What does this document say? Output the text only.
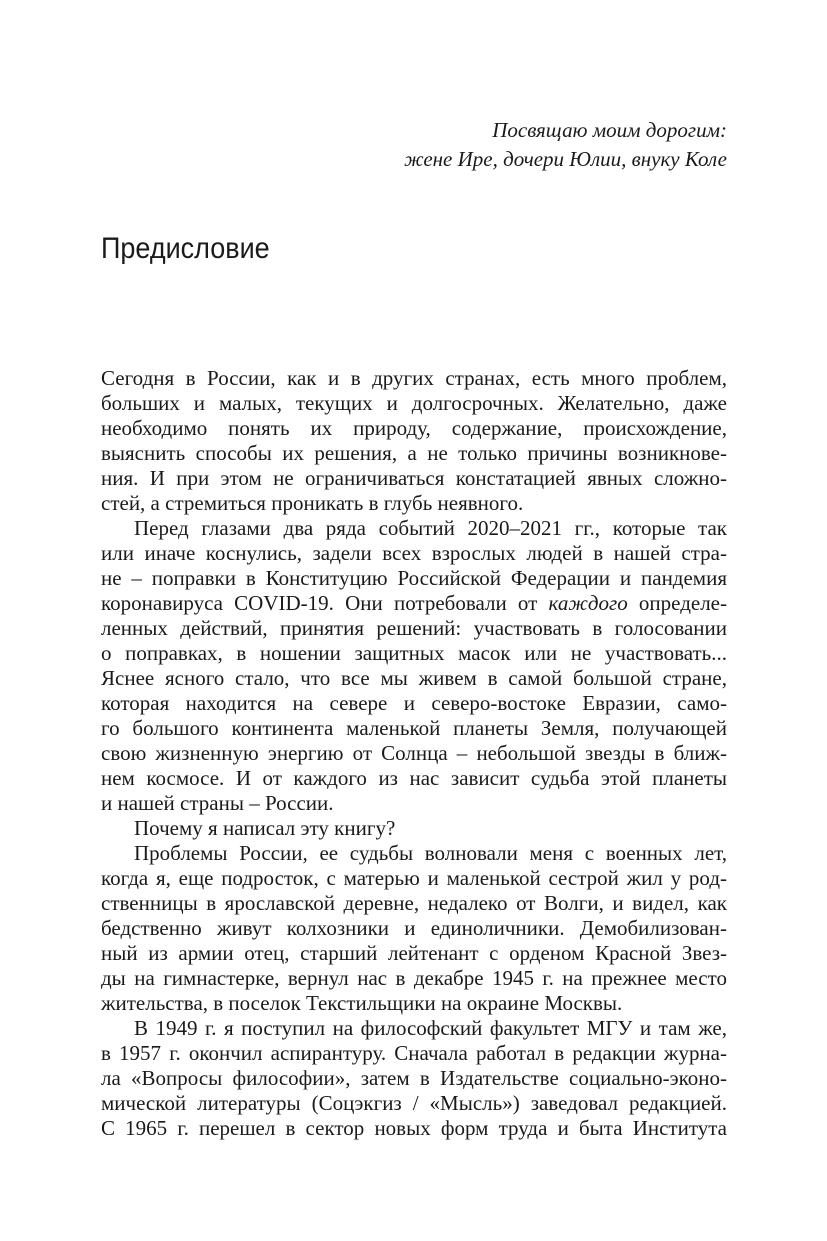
Посвящаю моим дорогим:
жене Ире, дочери Юлии, внуку Коле
Предисловие
Сегодня в России, как и в других странах, есть много проблем,
больших и малых, текущих и долгосрочных. Желательно, даже
необходимо понять их природу, содержание, происхождение,
выяснить способы их решения, а не только причины возникнове-
ния. И при этом не ограничиваться констатацией явных сложно-
стей, а стремиться проникать в глубь неявного.
Перед глазами два ряда событий 2020–2021 гг., которые так
или иначе коснулись, задели всех взрослых людей в нашей стра-
не – поправки в Конституцию Российской Федерации и пандемия
коронавируса COVID-19. Они потребовали от каждого определе-
ленных действий, принятия решений: участвовать в голосовании
о поправках, в ношении защитных масок или не участвовать...
Яснее ясного стало, что все мы живем в самой большой стране,
которая находится на севере и северо-востоке Евразии, само-
го большого континента маленькой планеты Земля, получающей
свою жизненную энергию от Солнца – небольшой звезды в ближ-
нем космосе. И от каждого из нас зависит судьба этой планеты
и нашей страны – России.
Почему я написал эту книгу?
Проблемы России, ее судьбы волновали меня с военных лет,
когда я, еще подросток, с матерью и маленькой сестрой жил у род-
ственницы в ярославской деревне, недалеко от Волги, и видел, как
бедственно живут колхозники и единоличники. Демобилизован-
ный из армии отец, старший лейтенант с орденом Красной Звез-
ды на гимнастерке, вернул нас в декабре 1945 г. на прежнее место
жительства, в поселок Текстильщики на окраине Москвы.
В 1949 г. я поступил на философский факультет МГУ и там же,
в 1957 г. окончил аспирантуру. Сначала работал в редакции журна-
ла «Вопросы философии», затем в Издательстве социально-эконо-
мической литературы (Соцэкгиз / «Мысль») заведовал редакцией.
С 1965 г. перешел в сектор новых форм труда и быта Института
